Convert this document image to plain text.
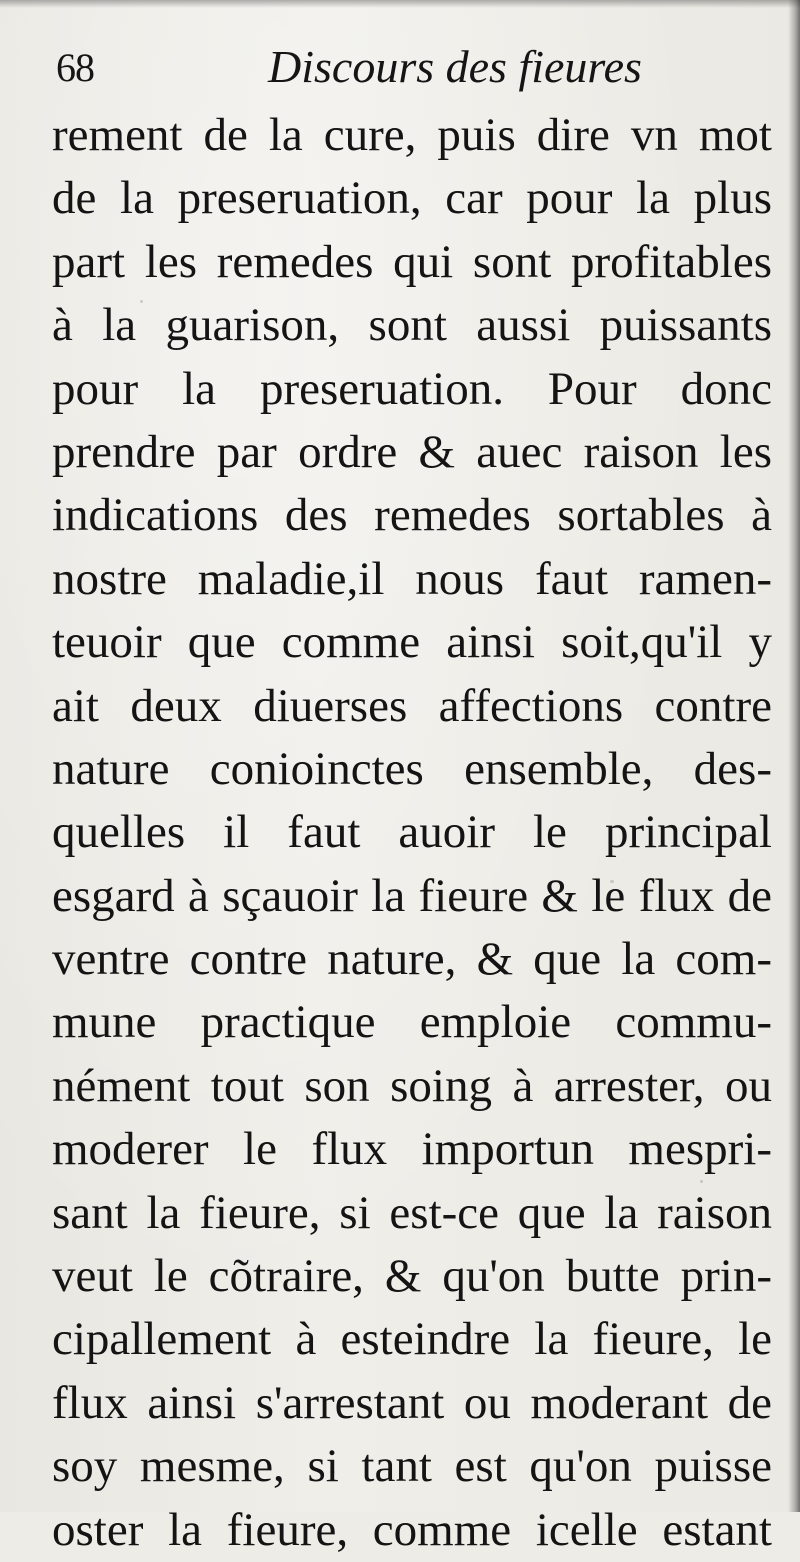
68	Discours des fieures
rement de la cure, puis dire vn mot
de la preseruation, car pour la plus
part les remedes qui sont profitables
à la guarison, sont aussi puissants
pour la preseruation. Pour donc
prendre par ordre & auec raison les
indications des remedes sortables à
nostre maladie,il nous faut ramen-
teuoir que comme ainsi soit,qu'il y
ait deux diuerses affections contre
nature conioinctes ensemble, des-
quelles il faut auoir le principal
esgard à sçauoir la fieure & le flux de
ventre contre nature, & que la com-
mune practique emploie commu-
nément tout son soing à arrester, ou
moderer le flux importun mespri-
sant la fieure, si est-ce que la raison
veut le cõtraire, & qu'on butte prin-
cipallement à esteindre la fieure, le
flux ainsi s'arrestant ou moderant de
soy mesme, si tant est qu'on puisse
oster la fieure, comme icelle estant
